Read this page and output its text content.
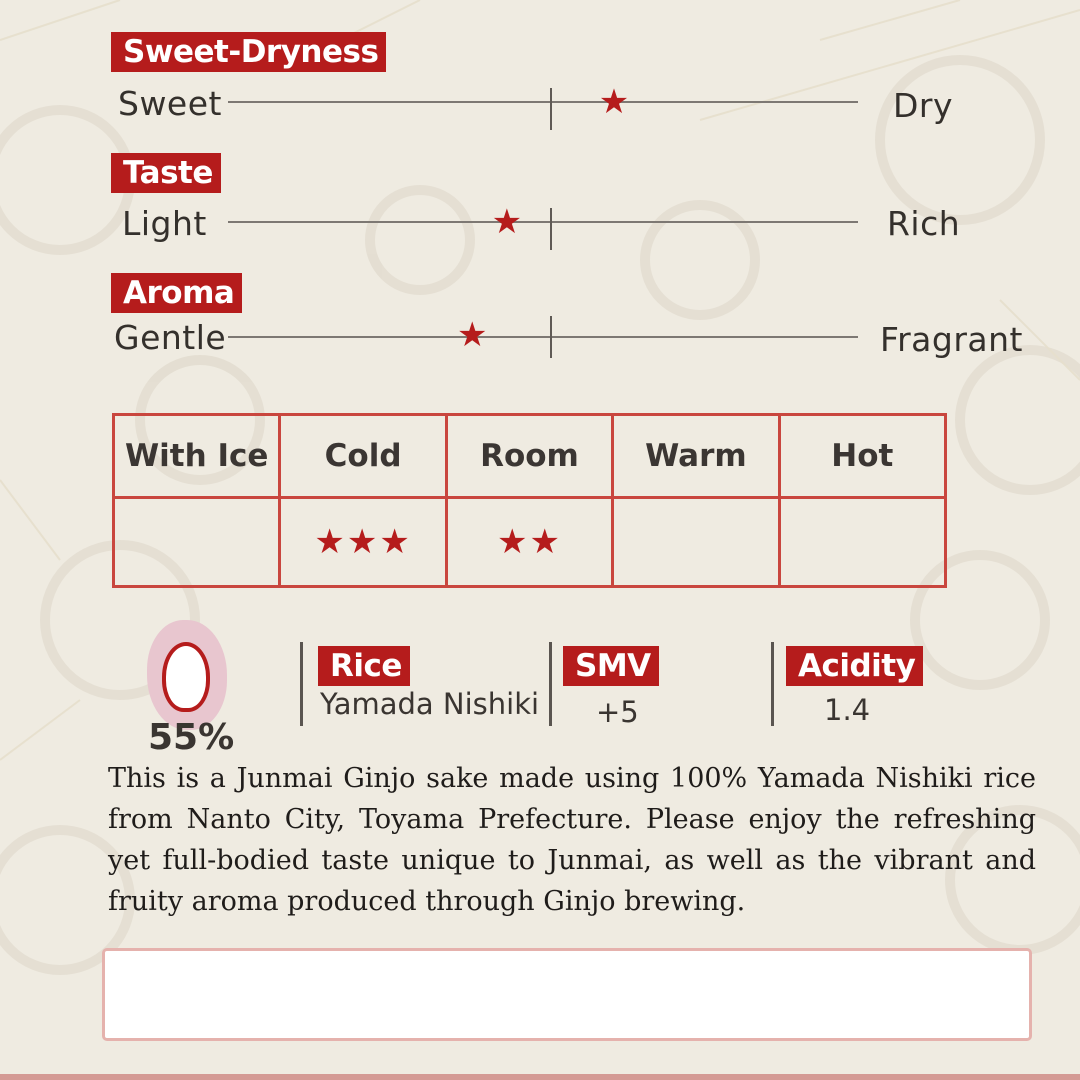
Sweet-Dryness
Sweet	★	Dry
Taste
Light	★	Rich
Aroma
Gentle	★	Fragrant
With Ice	Cold	Room	Warm	Hot
	★★★	★★		
55%
Rice
Yamada Nishiki
SMV
+5
Acidity
1.4

This is a Junmai Ginjo sake made using 100% Yamada Nishiki rice from Nanto City, Toyama Prefecture. Please enjoy the refreshing yet full-bodied taste unique to Junmai, as well as the vibrant and fruity aroma produced through Ginjo brewing.
